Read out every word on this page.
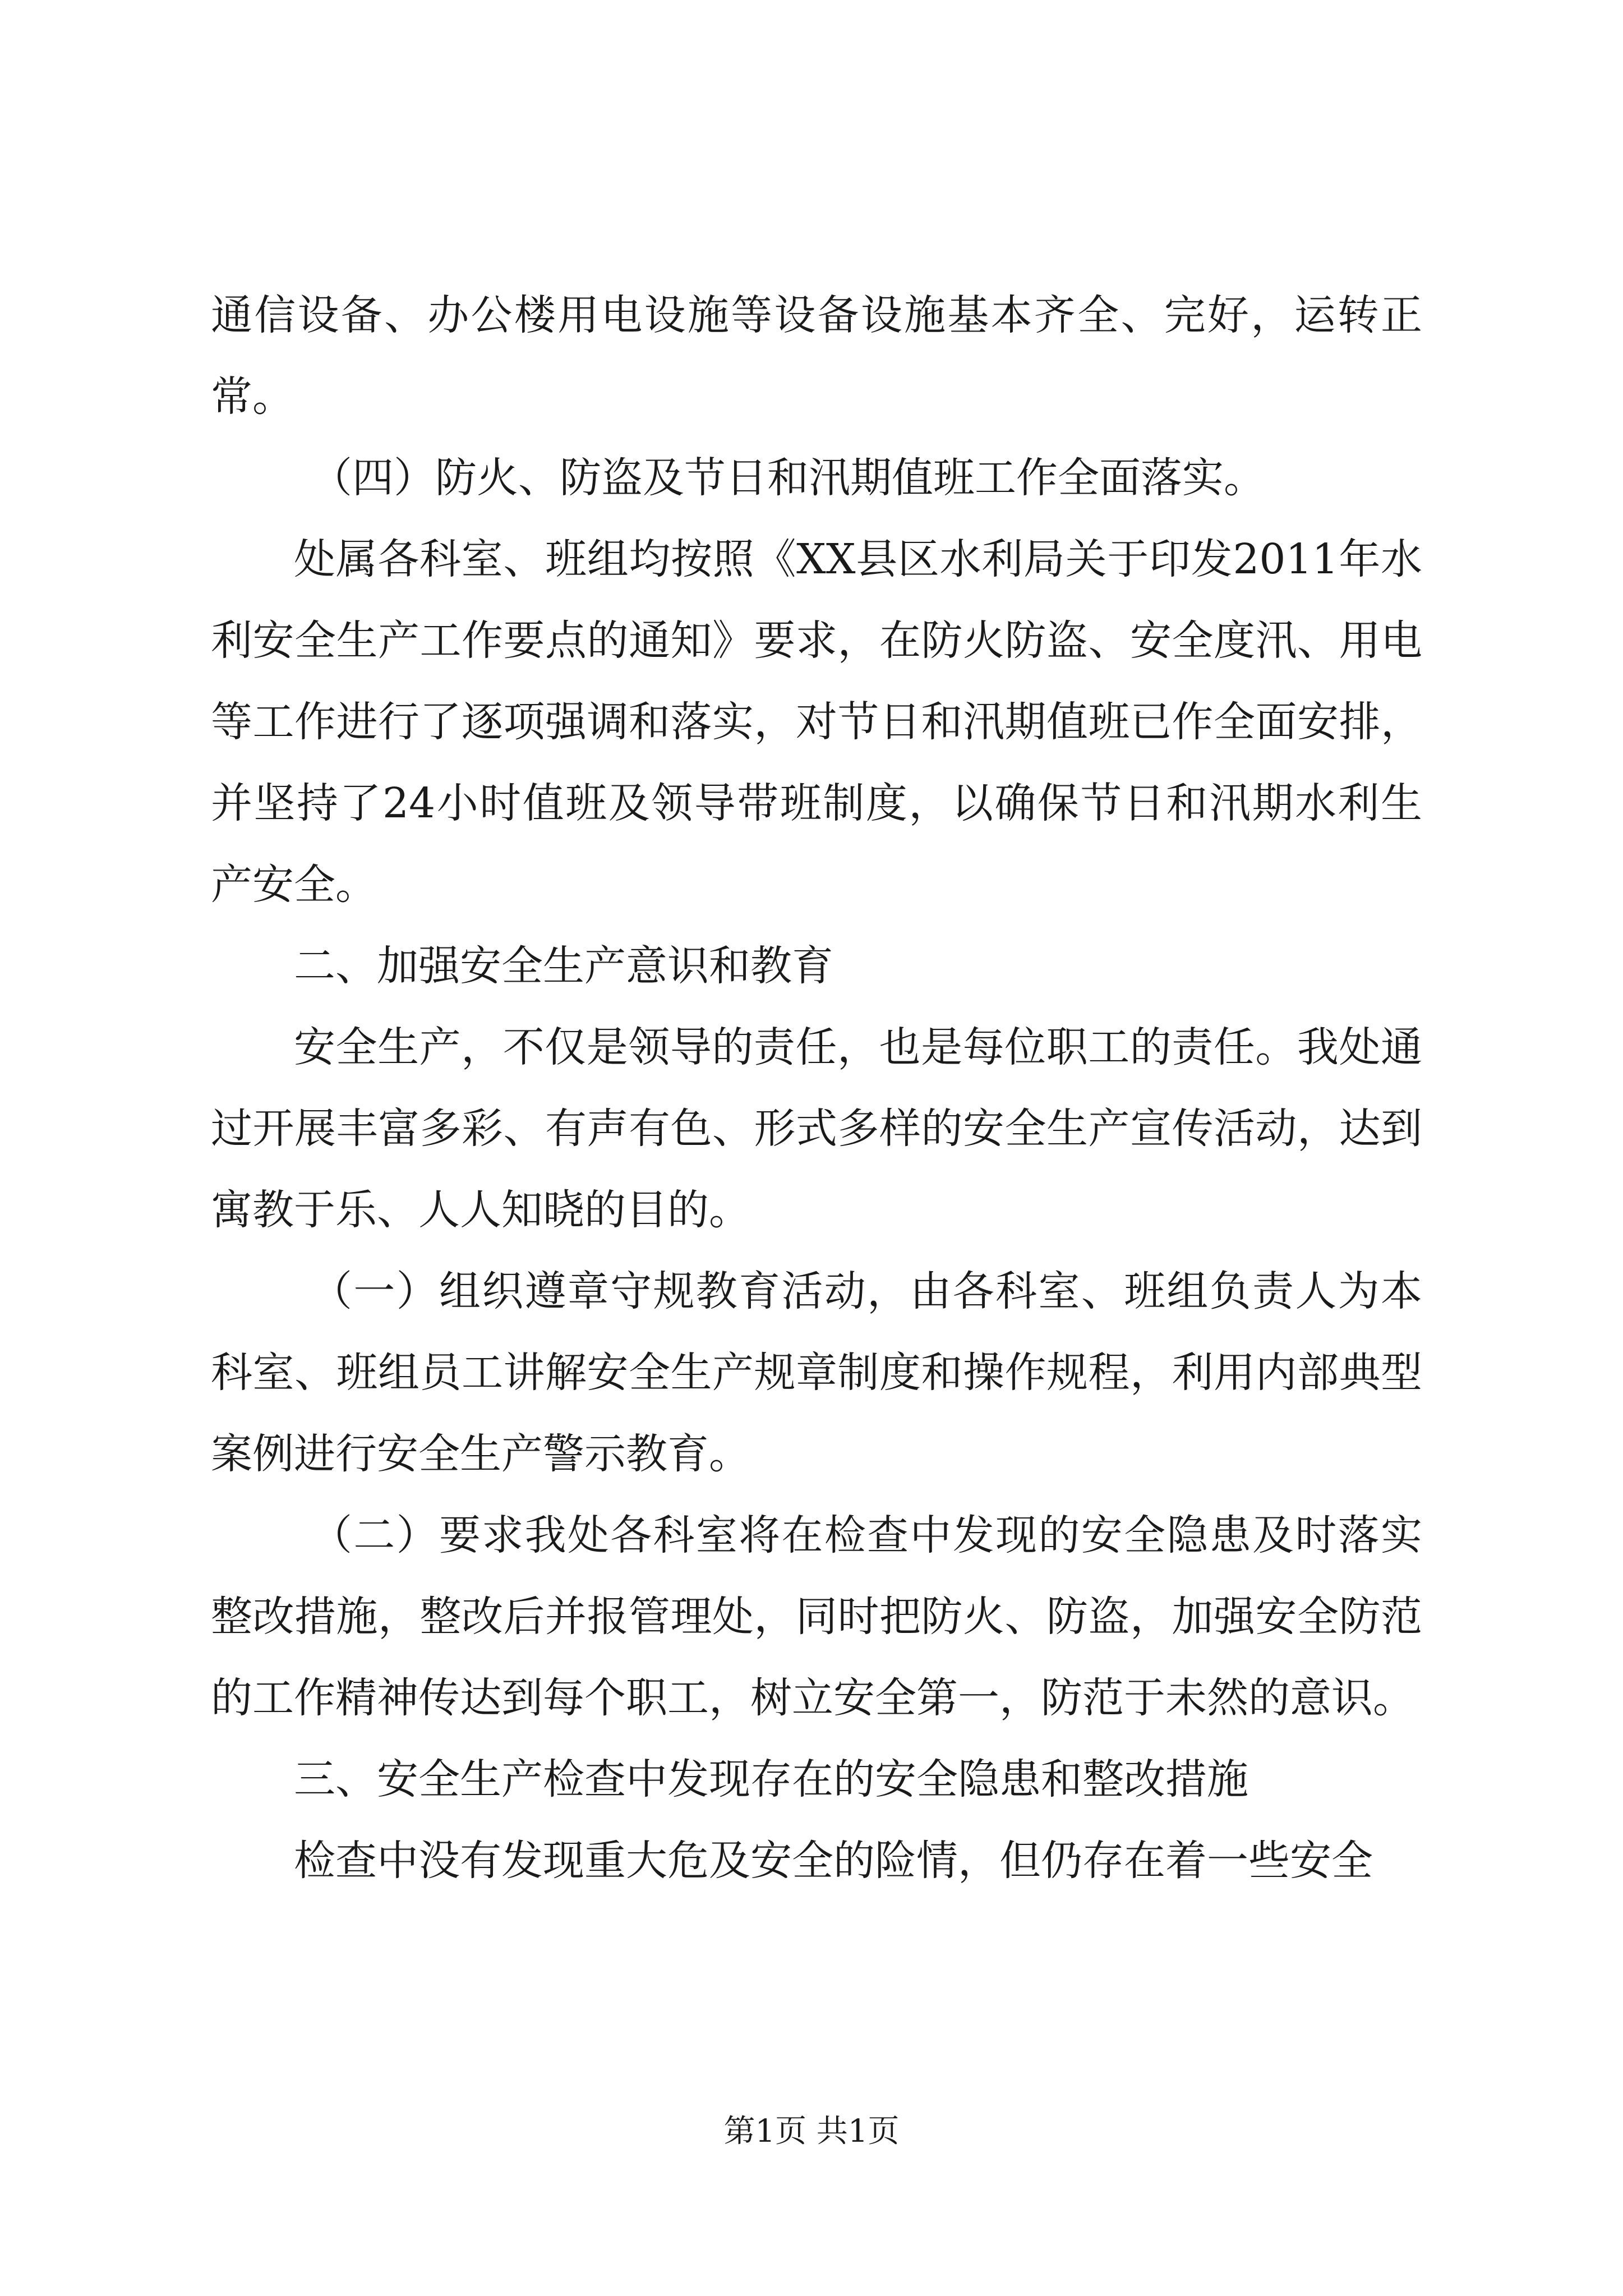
通信设备、办公楼用电设施等设备设施基本齐全、完好，运转正常。

（四）防火、防盗及节日和汛期值班工作全面落实。

处属各科室、班组均按照《XX县区水利局关于印发2011年水利安全生产工作要点的通知》要求，在防火防盗、安全度汛、用电等工作进行了逐项强调和落实，对节日和汛期值班已作全面安排，并坚持了24小时值班及领导带班制度，以确保节日和汛期水利生产安全。

二、加强安全生产意识和教育

安全生产，不仅是领导的责任，也是每位职工的责任。我处通过开展丰富多彩、有声有色、形式多样的安全生产宣传活动，达到寓教于乐、人人知晓的目的。

（一）组织遵章守规教育活动，由各科室、班组负责人为本科室、班组员工讲解安全生产规章制度和操作规程，利用内部典型案例进行安全生产警示教育。

（二）要求我处各科室将在检查中发现的安全隐患及时落实整改措施，整改后并报管理处，同时把防火、防盗，加强安全防范的工作精神传达到每个职工，树立安全第一，防范于未然的意识。

三、安全生产检查中发现存在的安全隐患和整改措施

检查中没有发现重大危及安全的险情，但仍存在着一些安全

第1页 共1页
